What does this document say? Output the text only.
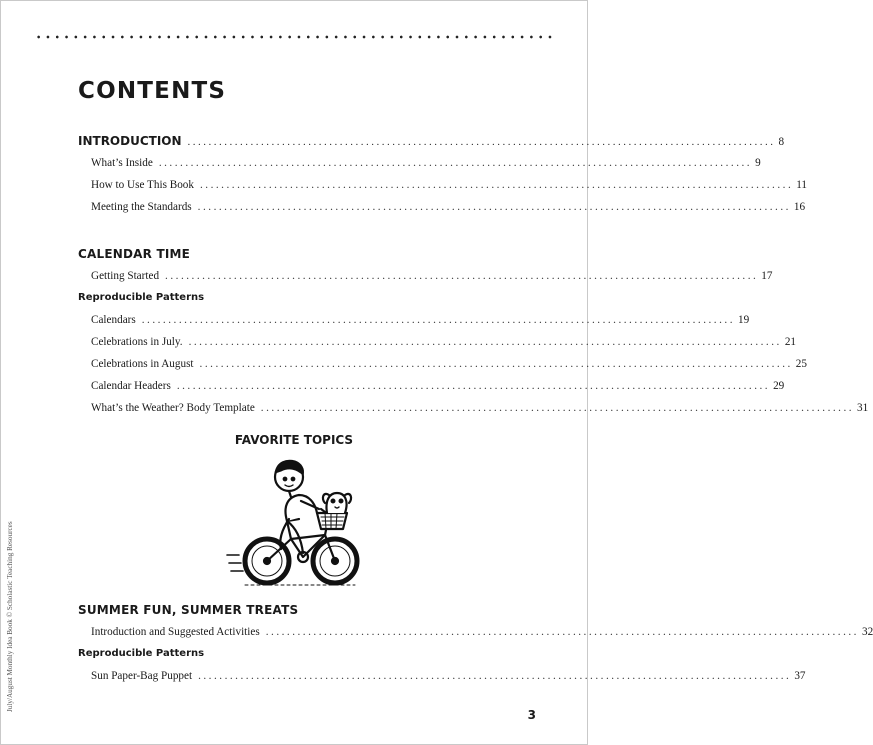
CONTENTS
INTRODUCTION ................................................................................................................ 8
What’s Inside ................................................................................................................ 9
How to Use This Book ................................................................................................................ 11
Meeting the Standards ................................................................................................................ 16
CALENDAR TIME
Getting Started ................................................................................................................ 17
Reproducible Patterns
Calendars ................................................................................................................ 19
Celebrations in July. ................................................................................................................ 21
Celebrations in August ................................................................................................................ 25
Calendar Headers ................................................................................................................ 29
What’s the Weather? Body Template ................................................................................................................ 31
FAVORITE TOPICS
SUMMER FUN, SUMMER TREATS
Introduction and Suggested Activities ................................................................................................................ 32
Reproducible Patterns
Sun Paper-Bag Puppet ................................................................................................................ 37
July/August Monthly Idea Book © Scholastic Teaching Resources
3
